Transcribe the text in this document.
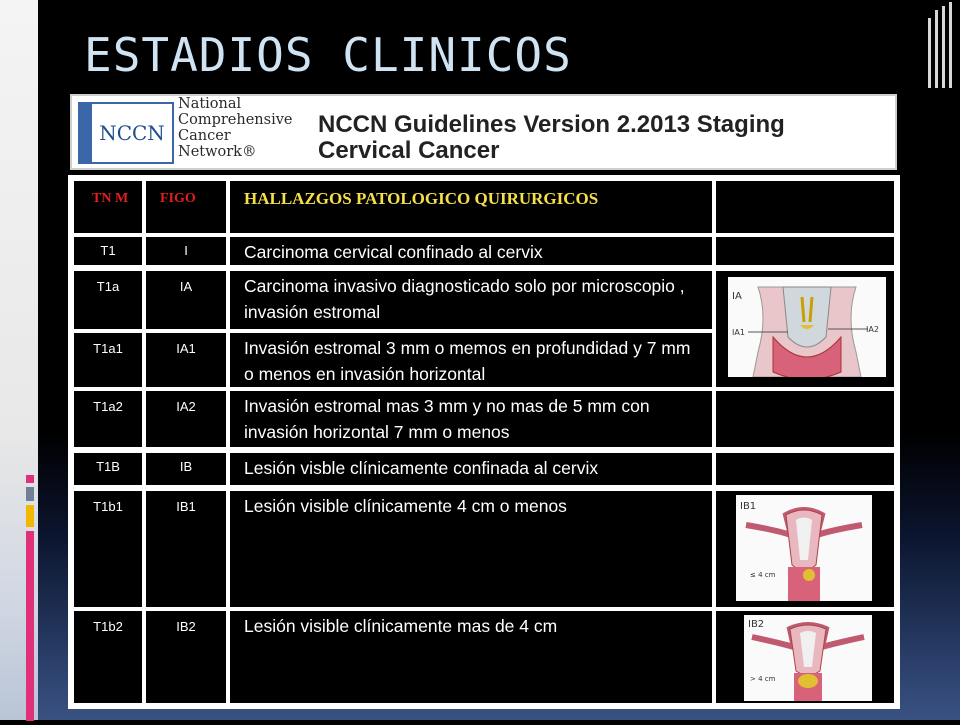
ESTADIOS CLINICOS
NCCN
National
Comprehensive
Cancer
Network®
NCCN Guidelines Version 2.2013 Staging
Cervical Cancer
TN M	FIGO	HALLAZGOS PATOLOGICO QUIRURGICOS
T1	I	Carcinoma cervical confinado al cervix
T1a	IA	Carcinoma invasivo diagnosticado solo por microscopio , invasión estromal
T1a1	IA1	Invasión estromal 3 mm o memos en profundidad y 7 mm o menos en invasión horizontal
IA
IA1	IA2
T1a2	IA2	Invasión estromal mas 3 mm y no mas de 5 mm con invasión horizontal 7 mm o menos
T1B	IB	Lesión visble clínicamente confinada al cervix
T1b1	IB1	Lesión visible clínicamente 4 cm o menos	IB1
≤ 4 cm
T1b2	IB2	Lesión visible clínicamente mas de 4 cm	IB2
> 4 cm
